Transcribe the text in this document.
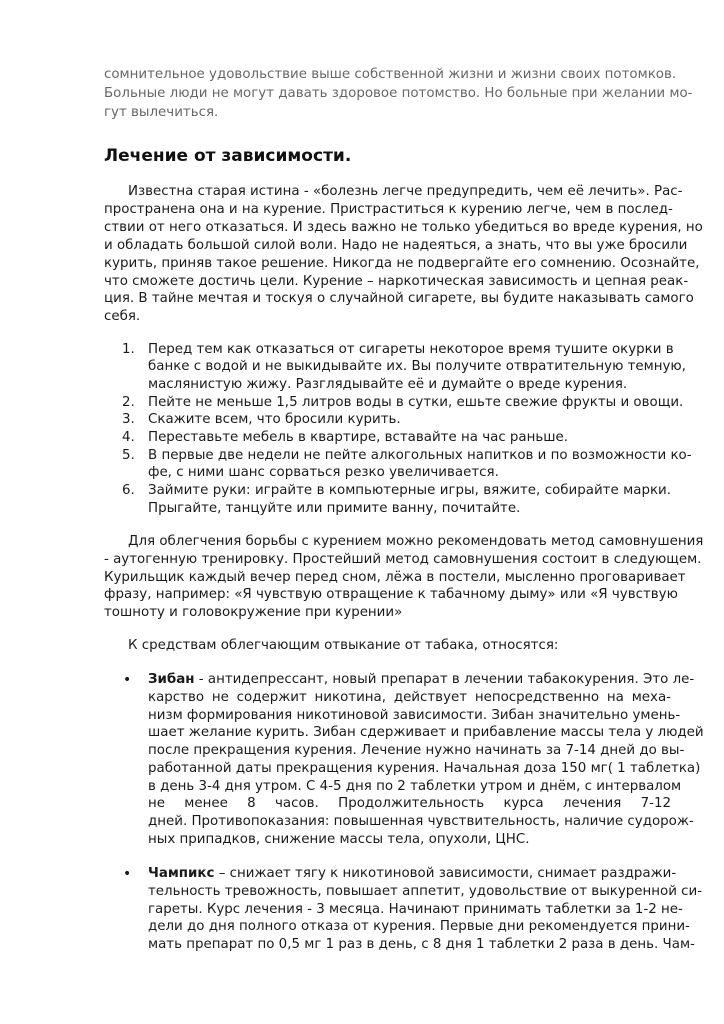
сомнительное удовольствие выше собственной жизни и жизни своих потомков.
Больные люди не могут давать здоровое потомство. Но больные при желании мо-
гут вылечиться.
Лечение от зависимости.
Известна старая истина - «болезнь легче предупредить, чем её лечить». Рас-
пространена она и на курение. Пристраститься к курению легче, чем в послед-
ствии от него отказаться. И здесь важно не только убедиться во вреде курения, но
и обладать большой силой воли. Надо не надеяться, а знать, что вы уже бросили
курить, приняв такое решение. Никогда не подвергайте его сомнению. Осознайте,
что сможете достичь цели. Курение – наркотическая зависимость и цепная реак-
ция. В тайне мечтая и тоскуя о случайной сигарете, вы будите наказывать самого
себя.
1. Перед тем как отказаться от сигареты некоторое время тушите окурки в
банке с водой и не выкидывайте их. Вы получите отвратительную темную,
маслянистую жижу. Разглядывайте её и думайте о вреде курения.
2. Пейте не меньше 1,5 литров воды в сутки, ешьте свежие фрукты и овощи.
3. Скажите всем, что бросили курить.
4. Переставьте мебель в квартире, вставайте на час раньше.
5. В первые две недели не пейте алкогольных напитков и по возможности ко-
фе, с ними шанс сорваться резко увеличивается.
6. Займите руки: играйте в компьютерные игры, вяжите, собирайте марки.
Прыгайте, танцуйте или примите ванну, почитайте.
Для облегчения борьбы с курением можно рекомендовать метод самовнушения
- аутогенную тренировку. Простейший метод самовнушения состоит в следующем.
Курильщик каждый вечер перед сном, лёжа в постели, мысленно проговаривает
фразу, например: «Я чувствую отвращение к табачному дыму» или «Я чувствую
тошноту и головокружение при курении»
К средствам облегчающим отвыкание от табака, относятся:
• Зибан - антидепрессант, новый препарат в лечении табакокурения. Это ле-
карство не содержит никотина, действует непосредственно на меха-
низм формирования никотиновой зависимости. Зибан значительно умень-
шает желание курить. Зибан сдерживает и прибавление массы тела у людей
после прекращения курения. Лечение нужно начинать за 7-14 дней до вы-
работанной даты прекращения курения. Начальная доза 150 мг( 1 таблетка)
в день 3-4 дня утром. С 4-5 дня по 2 таблетки утром и днём, с интервалом
не менее 8 часов. Продолжительность курса лечения 7-12
дней. Противопоказания: повышенная чувствительность, наличие судорож-
ных припадков, снижение массы тела, опухоли, ЦНС.
• Чампикс – снижает тягу к никотиновой зависимости, снимает раздражи-
тельность тревожность, повышает аппетит, удовольствие от выкуренной си-
гареты. Курс лечения - 3 месяца. Начинают принимать таблетки за 1-2 не-
дели до дня полного отказа от курения. Первые дни рекомендуется прини-
мать препарат по 0,5 мг 1 раз в день, с 8 дня 1 таблетки 2 раза в день. Чам-
